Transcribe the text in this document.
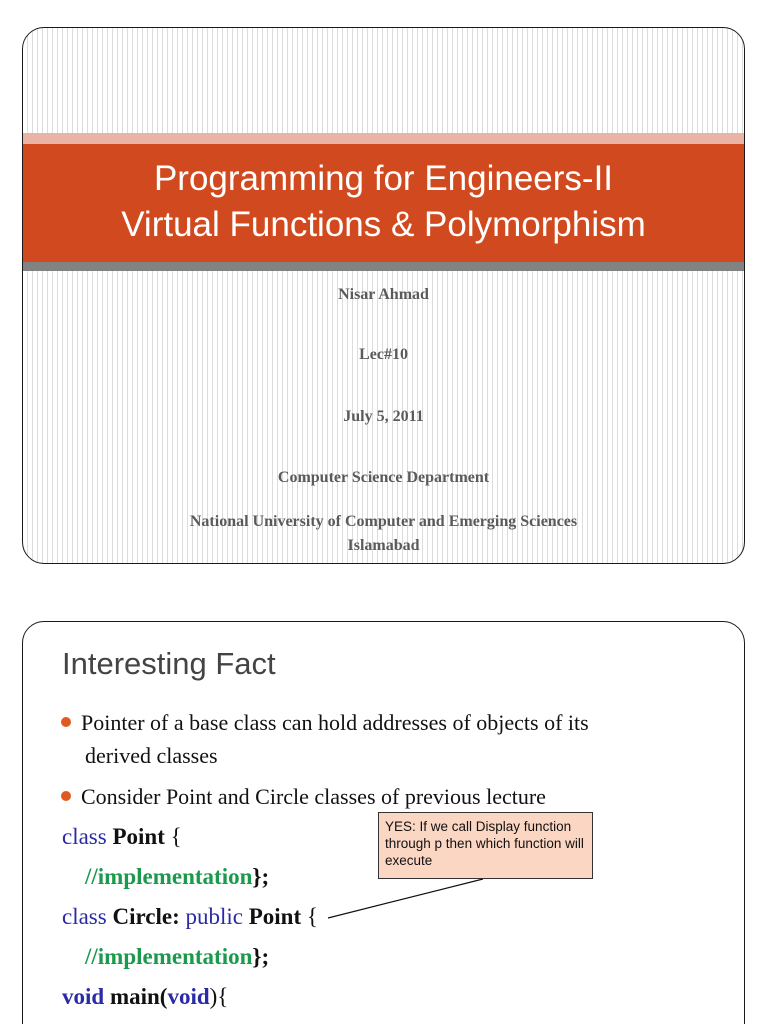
Programming for Engineers-II
Virtual Functions & Polymorphism
Nisar Ahmad
Lec#10
July 5, 2011
Computer Science Department
National University of Computer and Emerging Sciences
Islamabad
Interesting Fact
Pointer of a base class can hold addresses of objects of its
derived classes
Consider Point and Circle classes of previous lecture
class Point {
//implementation};
class Circle: public Point {
//implementation};
void main(void){
YES: If we call Display function through p then which function will execute
